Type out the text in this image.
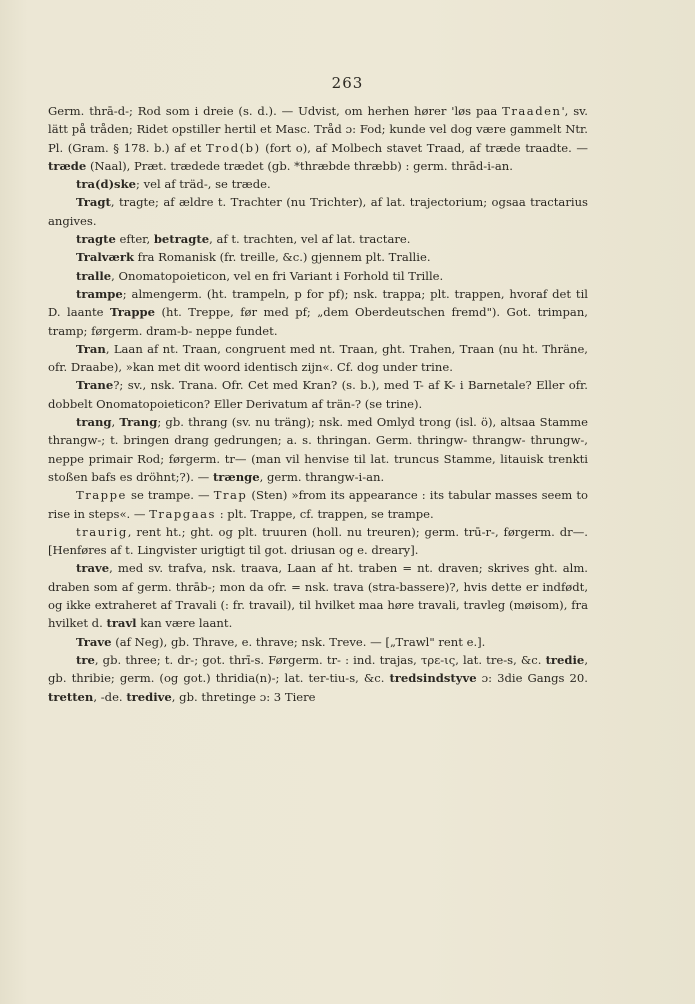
263

Germ. thrā-d-; Rod som i dreie (s. d.). — Udvist, om herhen hører 'løs paa Traaden', sv. lätt på tråden; Ridet opstiller hertil et Masc. Tråd ɔ: Fod; kunde vel dog være gammelt Ntr. Pl. (Gram. § 178. b.) af et Trod(b) (fort o), af Molbech stavet Traad, af træde traadte. — træde (Naal), Præt. trædede trædet (gb. *thræbde thræbb) : germ. thrād-i-an.

tra(d)ske; vel af träd-, se træde.

Tragt, tragte; af ældre t. Trachter (nu Trichter), af lat. trajectorium; ogsaa tractarius angives.

tragte efter, betragte, af t. trachten, vel af lat. tractare.

Tralværk fra Romanisk (fr. treille, &c.) gjennem plt. Trallie.

tralle, Onomatopoieticon, vel en fri Variant i Forhold til Trille.

trampe; almengerm. (ht. trampeln, p for pf); nsk. trappa; plt. trappen, hvoraf det til D. laante Trappe (ht. Treppe, før med pf; „dem Oberdeutschen fremd"). Got. trimpan, tramp; førgerm. dram-b- neppe fundet.

Tran, Laan af nt. Traan, congruent med nt. Traan, ght. Trahen, Traan (nu ht. Thräne, ofr. Draabe), »kan met dit woord identisch zijn«. Cf. dog under trine.

Trane?; sv., nsk. Trana. Ofr. Cet med Kran? (s. b.), med T- af K- i Barnetale? Eller ofr. dobbelt Onomatopoieticon? Eller Derivatum af trän-? (se trine).

trang, Trang; gb. thrang (sv. nu träng); nsk. med Omlyd trong (isl. ö), altsaa Stamme thrangw-; t. bringen drang gedrungen; a. s. thringan. Germ. thringw- thrangw- thrungw-, neppe primair Rod; førgerm. tr— (man vil henvise til lat. truncus Stamme, litauisk trenkti stoßen bafs es dröhnt;?). — trænge, germ. thrangw-i-an.

Trappe se trampe. — Trap (Sten) »from its appearance : its tabular masses seem to rise in steps«. — Trapgaas : plt. Trappe, cf. trappen, se trampe.

traurig, rent ht.; ght. og plt. truuren (holl. nu treuren); germ. trū-r-, førgerm. dr—. [Henføres af t. Lingvister urigtigt til got. driusan og e. dreary].

trave, med sv. trafva, nsk. traava, Laan af ht. traben = nt. draven; skrives ght. alm. draben som af germ. thrāb-; mon da ofr. = nsk. trava (stra-bassere)?, hvis dette er indfødt, og ikke extraheret af Travali (: fr. travail), til hvilket maa høre travali, travleg (møisom), fra hvilket d. travl kan være laant.

Trave (af Neg), gb. Thrave, e. thrave; nsk. Treve. — [„Trawl" rent e.].

tre, gb. three; t. dr-; got. thrī-s. Førgerm. tr- : ind. trajas, τρε-ις, lat. tre-s, &c. tredie, gb. thribie; germ. (og got.) thridia(n)-; lat. ter-tiu-s, &c. tredsindstyve ɔ: 3die Gangs 20. tretten, -de. tredive, gb. thretinge ɔ: 3 Tiere
